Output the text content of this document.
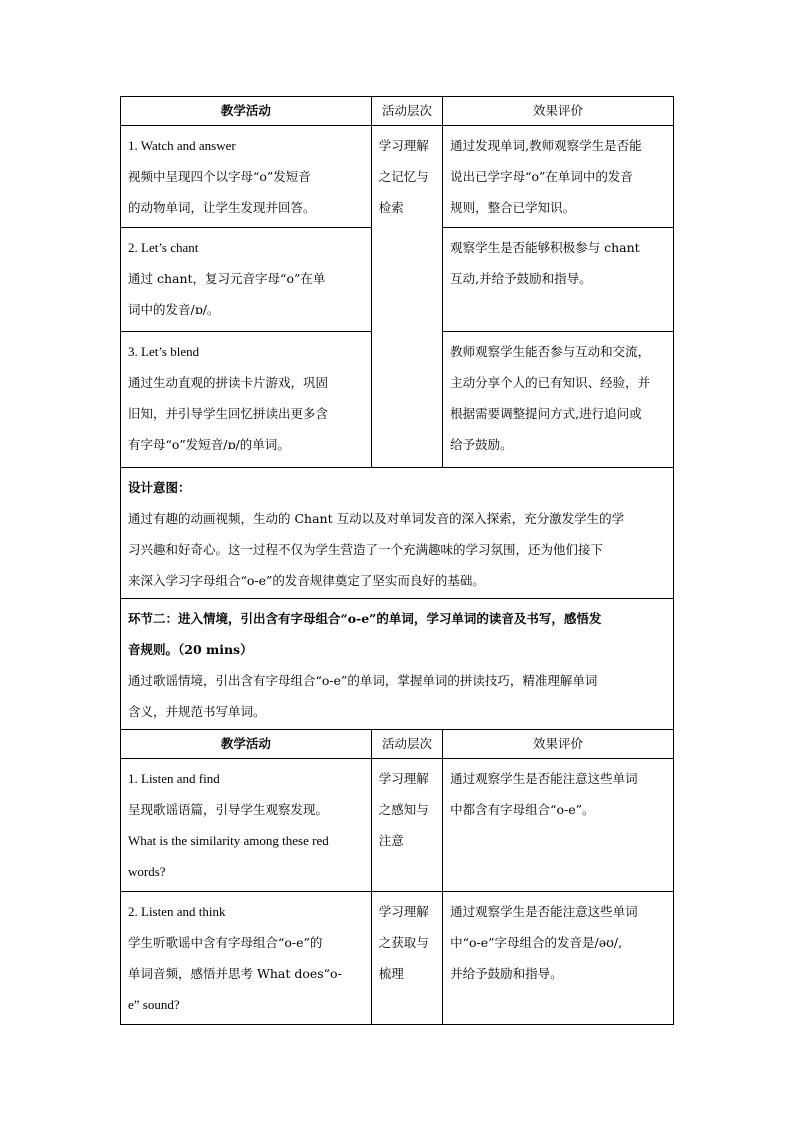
教学活动	活动层次	效果评价

1. Watch and answer
视频中呈现四个以字母“o”发短音
的动物单词，让学生发现并回答。	学习理解
之记忆与
检索	通过发现单词,教师观察学生是否能
说出已学字母“o”在单词中的发音
规则，整合已学知识。

2. Let’s chant
通过 chant，复习元音字母“o”在单
词中的发音/ɒ/。		观察学生是否能够积极参与 chant
互动,并给予鼓励和指导。

3. Let’s blend
通过生动直观的拼读卡片游戏，巩固
旧知，并引导学生回忆拼读出更多含
有字母“o”发短音/ɒ/的单词。		教师观察学生能否参与互动和交流，
主动分享个人的已有知识、经验，并
根据需要调整提问方式,进行追问或
给予鼓励。

设计意图：
通过有趣的动画视频，生动的 Chant 互动以及对单词发音的深入探索，充分激发学生的学
习兴趣和好奇心。这一过程不仅为学生营造了一个充满趣味的学习氛围，还为他们接下
来深入学习字母组合“o-e”的发音规律奠定了坚实而良好的基础。		

环节二：进入情境，引出含有字母组合“o-e”的单词，学习单词的读音及书写，感悟发
音规则。（20 mins）
通过歌谣情境，引出含有字母组合“o-e”的单词，掌握单词的拼读技巧，精准理解单词
含义，并规范书写单词。		

教学活动	活动层次	效果评价

1. Listen and find
呈现歌谣语篇，引导学生观察发现。
What is the similarity among these red
words?	学习理解
之感知与
注意	通过观察学生是否能注意这些单词
中都含有字母组合“o-e”。

2. Listen and think
学生听歌谣中含有字母组合“o-e”的
单词音频，感悟并思考 What does“o-
e” sound?	学习理解
之获取与
梳理	通过观察学生是否能注意这些单词
中“o-e”字母组合的发音是/əʊ/,
并给予鼓励和指导。
